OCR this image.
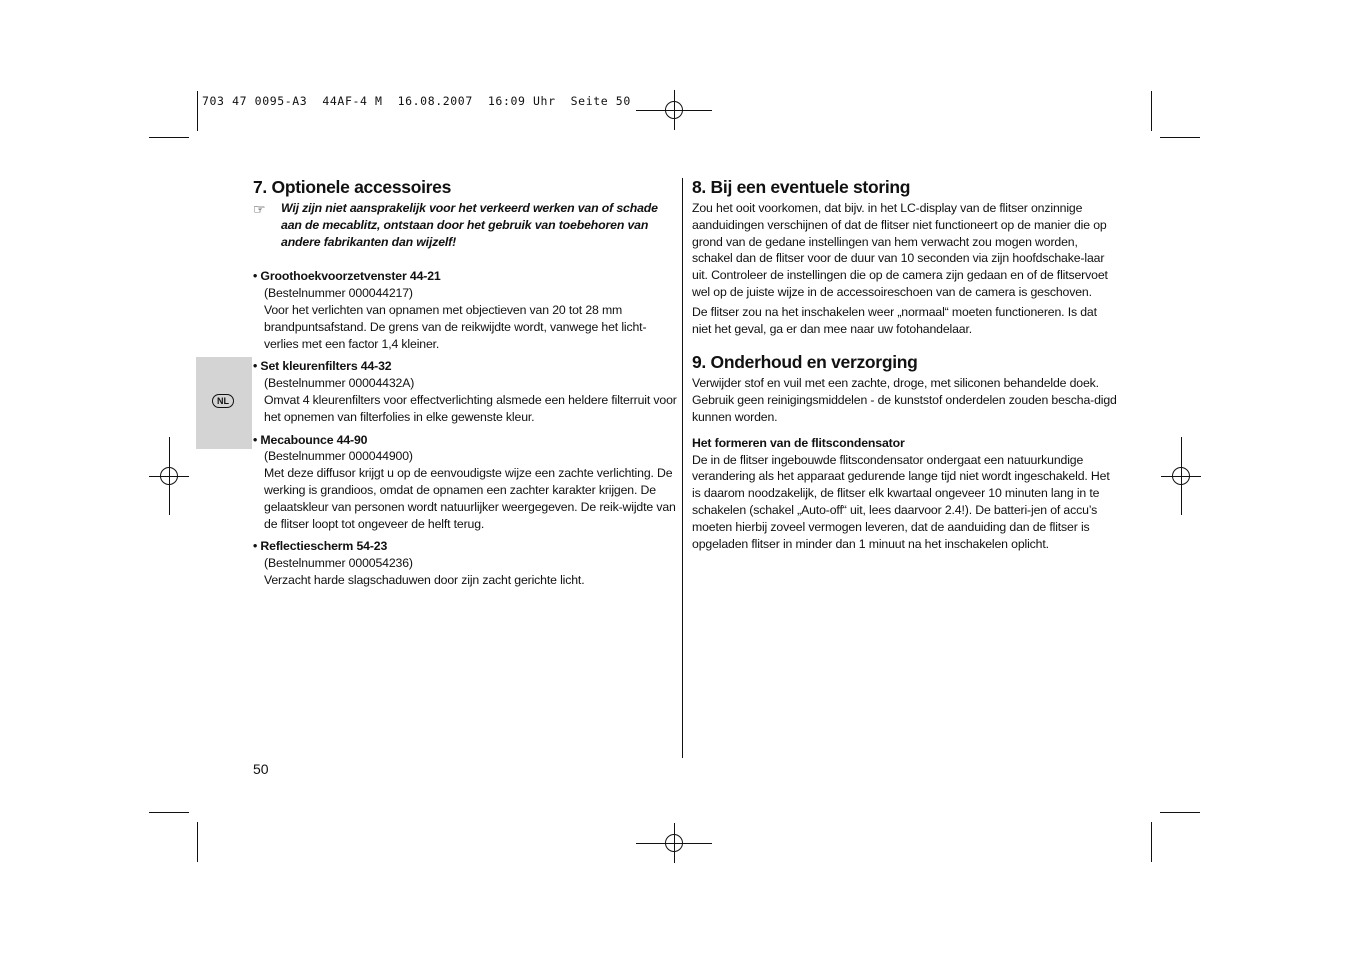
703 47 0095-A3  44AF-4 M  16.08.2007  16:09 Uhr  Seite 50
NL
7. Optionele accessoires
☞	Wij zijn niet aansprakelijk voor het verkeerd werken van of schade aan de mecablitz, ontstaan door het gebruik van toebehoren van andere fabrikanten dan wijzelf!
• Groothoekvoorzetvenster 44-21

(Bestelnummer 000044217)

Voor het verlichten van opnamen met objectieven van 20 tot 28 mm brandpuntsafstand. De grens van de reikwijdte wordt, vanwege het licht-verlies met een factor 1,4 kleiner.

• Set kleurenfilters 44-32

(Bestelnummer 00004432A)

Omvat 4 kleurenfilters voor effectverlichting alsmede een heldere filterruit voor het opnemen van filterfolies in elke gewenste kleur.

• Mecabounce 44-90

(Bestelnummer 000044900)

Met deze diffusor krijgt u op de eenvoudigste wijze een zachte verlichting. De werking is grandioos, omdat de opnamen een zachter karakter krijgen. De gelaatskleur van personen wordt natuurlijker weergegeven. De reik-wijdte van de flitser loopt tot ongeveer de helft terug.

• Reflectiescherm 54-23

(Bestelnummer 000054236)

Verzacht harde slagschaduwen door zijn zacht gerichte licht.

8. Bij een eventuele storing

Zou het ooit voorkomen, dat bijv. in het LC-display van de flitser onzinnige aanduidingen verschijnen of dat de flitser niet functioneert op de manier die op grond van de gedane instellingen van hem verwacht zou mogen worden, schakel dan de flitser voor de duur van 10 seconden via zijn hoofdschake-laar uit. Controleer de instellingen die op de camera zijn gedaan en of de flitservoet wel op de juiste wijze in de accessoireschoen van de camera is geschoven.

De flitser zou na het inschakelen weer „normaal“ moeten functioneren. Is dat niet het geval, ga er dan mee naar uw fotohandelaar.

9. Onderhoud en verzorging

Verwijder stof en vuil met een zachte, droge, met siliconen behandelde doek. Gebruik geen reinigingsmiddelen - de kunststof onderdelen zouden bescha-digd kunnen worden.

Het formeren van de flitscondensator

De in de flitser ingebouwde flitscondensator ondergaat een natuurkundige verandering als het apparaat gedurende lange tijd niet wordt ingeschakeld. Het is daarom noodzakelijk, de flitser elk kwartaal ongeveer 10 minuten lang in te schakelen (schakel „Auto-off“ uit, lees daarvoor 2.4!). De batteri-jen of accu’s moeten hierbij zoveel vermogen leveren, dat de aanduiding dan de flitser is opgeladen flitser in minder dan 1 minuut na het inschakelen oplicht.

50
